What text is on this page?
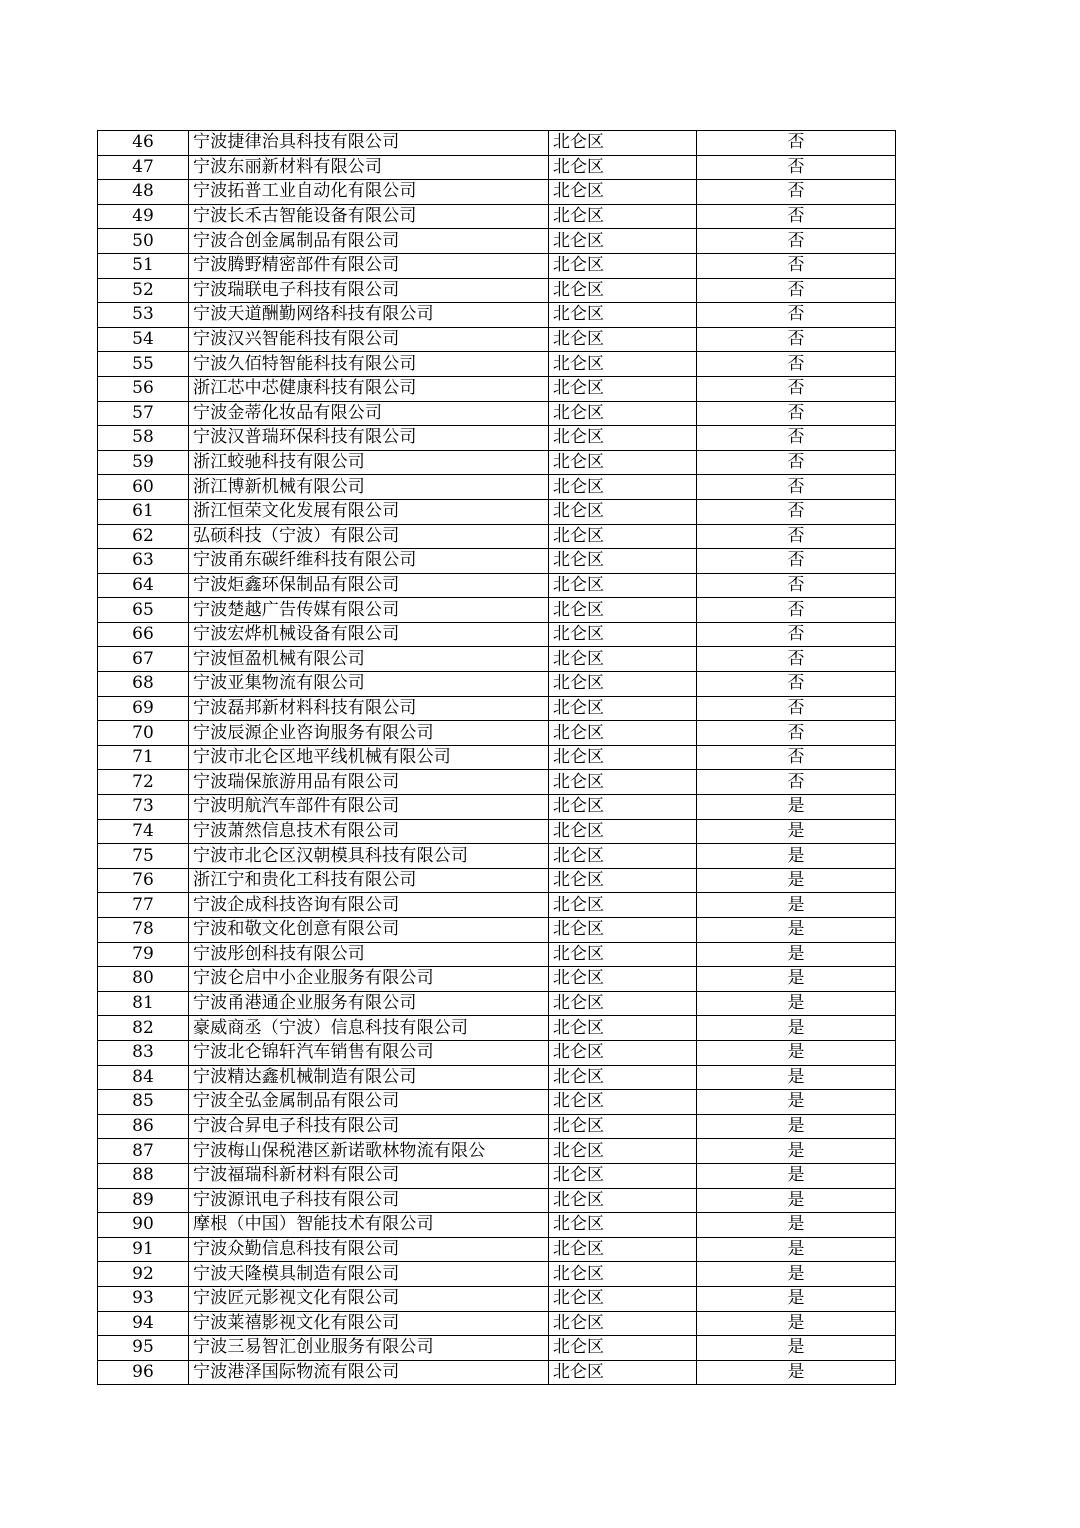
46	宁波捷律治具科技有限公司	北仑区	否
47	宁波东丽新材料有限公司	北仑区	否
48	宁波拓普工业自动化有限公司	北仑区	否
49	宁波长禾古智能设备有限公司	北仑区	否
50	宁波合创金属制品有限公司	北仑区	否
51	宁波腾野精密部件有限公司	北仑区	否
52	宁波瑞联电子科技有限公司	北仑区	否
53	宁波天道酬勤网络科技有限公司	北仑区	否
54	宁波汉兴智能科技有限公司	北仑区	否
55	宁波久佰特智能科技有限公司	北仑区	否
56	浙江芯中芯健康科技有限公司	北仑区	否
57	宁波金蒂化妆品有限公司	北仑区	否
58	宁波汉普瑞环保科技有限公司	北仑区	否
59	浙江蛟驰科技有限公司	北仑区	否
60	浙江博新机械有限公司	北仑区	否
61	浙江恒荣文化发展有限公司	北仑区	否
62	弘硕科技（宁波）有限公司	北仑区	否
63	宁波甬东碳纤维科技有限公司	北仑区	否
64	宁波炬鑫环保制品有限公司	北仑区	否
65	宁波楚越广告传媒有限公司	北仑区	否
66	宁波宏烨机械设备有限公司	北仑区	否
67	宁波恒盈机械有限公司	北仑区	否
68	宁波亚集物流有限公司	北仑区	否
69	宁波磊邦新材料科技有限公司	北仑区	否
70	宁波辰源企业咨询服务有限公司	北仑区	否
71	宁波市北仑区地平线机械有限公司	北仑区	否
72	宁波瑞保旅游用品有限公司	北仑区	否
73	宁波明航汽车部件有限公司	北仑区	是
74	宁波萧然信息技术有限公司	北仑区	是
75	宁波市北仑区汉朝模具科技有限公司	北仑区	是
76	浙江宁和贵化工科技有限公司	北仑区	是
77	宁波企成科技咨询有限公司	北仑区	是
78	宁波和敬文化创意有限公司	北仑区	是
79	宁波彤创科技有限公司	北仑区	是
80	宁波仑启中小企业服务有限公司	北仑区	是
81	宁波甬港通企业服务有限公司	北仑区	是
82	豪威商丞（宁波）信息科技有限公司	北仑区	是
83	宁波北仑锦轩汽车销售有限公司	北仑区	是
84	宁波精达鑫机械制造有限公司	北仑区	是
85	宁波全弘金属制品有限公司	北仑区	是
86	宁波合昇电子科技有限公司	北仑区	是
87	宁波梅山保税港区新诺歌林物流有限公	北仑区	是
88	宁波福瑞科新材料有限公司	北仑区	是
89	宁波源讯电子科技有限公司	北仑区	是
90	摩根（中国）智能技术有限公司	北仑区	是
91	宁波众勤信息科技有限公司	北仑区	是
92	宁波天隆模具制造有限公司	北仑区	是
93	宁波匠元影视文化有限公司	北仑区	是
94	宁波莱禧影视文化有限公司	北仑区	是
95	宁波三易智汇创业服务有限公司	北仑区	是
96	宁波港泽国际物流有限公司	北仑区	是
